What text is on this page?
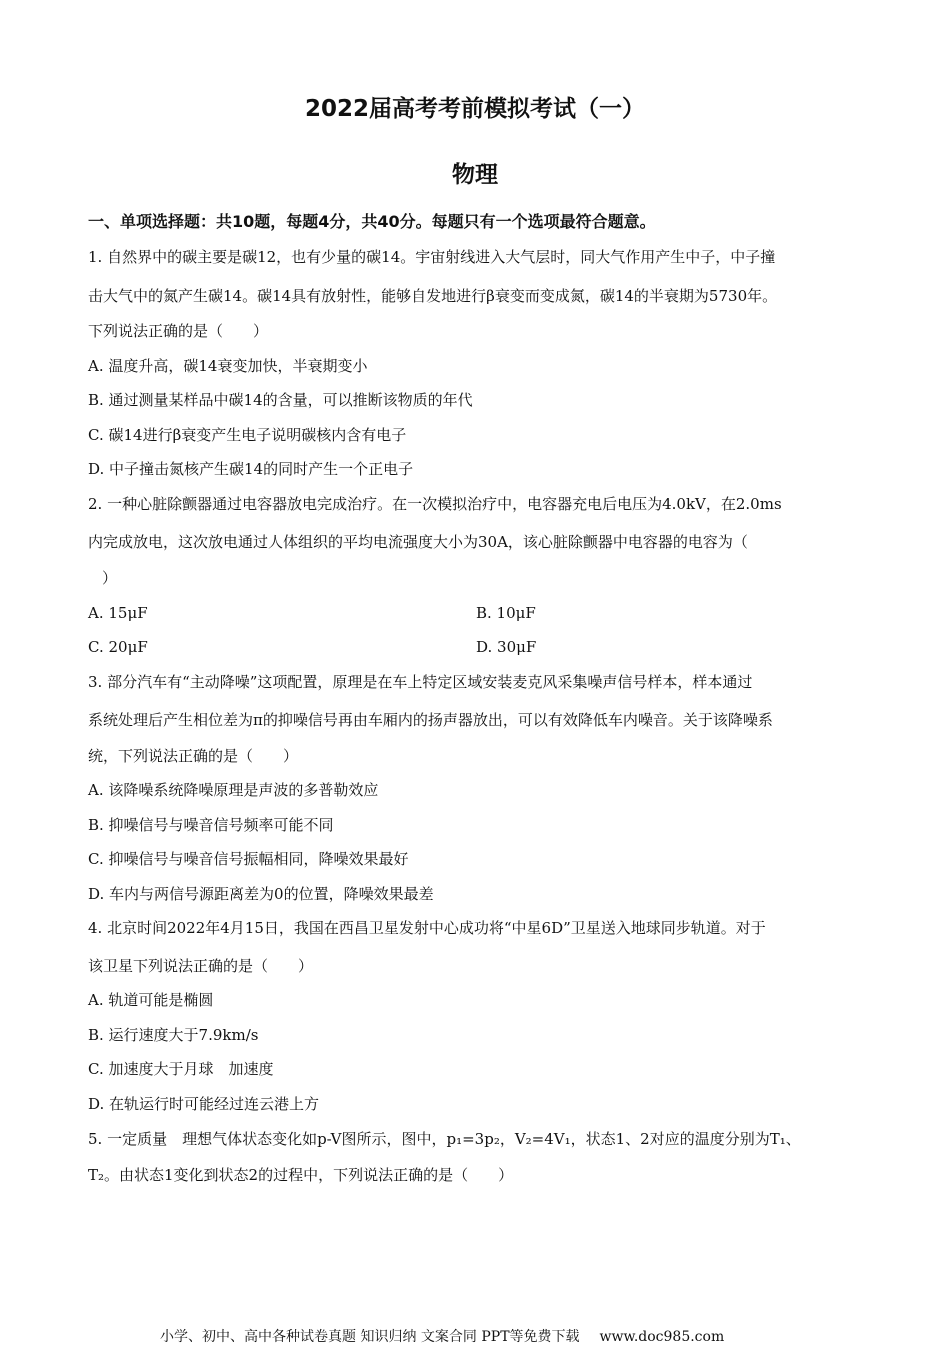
2022届高考考前模拟考试（一）
物理
一、单项选择题：共10题，每题4分，共40分。每题只有一个选项最符合题意。
1. 自然界中的碳主要是碳12，也有少量的碳14。宇宙射线进入大气层时，同大气作用产生中子，中子撞
击大气中的氮产生碳14。碳14具有放射性，能够自发地进行β衰变而变成氮，碳14的半衰期为5730年。
下列说法正确的是（　　）
A. 温度升高，碳14衰变加快，半衰期变小
B. 通过测量某样品中碳14的含量，可以推断该物质的年代
C. 碳14进行β衰变产生电子说明碳核内含有电子
D. 中子撞击氮核产生碳14的同时产生一个正电子
2. 一种心脏除颤器通过电容器放电完成治疗。在一次模拟治疗中，电容器充电后电压为4.0kV，在2.0ms
内完成放电，这次放电通过人体组织的平均电流强度大小为30A，该心脏除颤器中电容器的电容为（
）
A. 15μF	B. 10μF
C. 20μF	D. 30μF
3. 部分汽车有“主动降噪”这项配置，原理是在车上特定区域安装麦克风采集噪声信号样本，样本通过
系统处理后产生相位差为π的抑噪信号再由车厢内的扬声器放出，可以有效降低车内噪音。关于该降噪系
统，下列说法正确的是（　　）
A. 该降噪系统降噪原理是声波的多普勒效应
B. 抑噪信号与噪音信号频率可能不同
C. 抑噪信号与噪音信号振幅相同，降噪效果最好
D. 车内与两信号源距离差为0的位置，降噪效果最差
4. 北京时间2022年4月15日，我国在西昌卫星发射中心成功将“中星6D”卫星送入地球同步轨道。对于
该卫星下列说法正确的是（　　）
A. 轨道可能是椭圆
B. 运行速度大于7.9km/s
C. 加速度大于月球　加速度
D. 在轨运行时可能经过连云港上方
5. 一定质量　理想气体状态变化如p-V图所示，图中，p₁=3p₂，V₂=4V₁，状态1、2对应的温度分别为T₁、
T₂。由状态1变化到状态2的过程中，下列说法正确的是（　　）
小学、初中、高中各种试卷真题 知识归纳 文案合同 PPT等免费下载 www.doc985.com
